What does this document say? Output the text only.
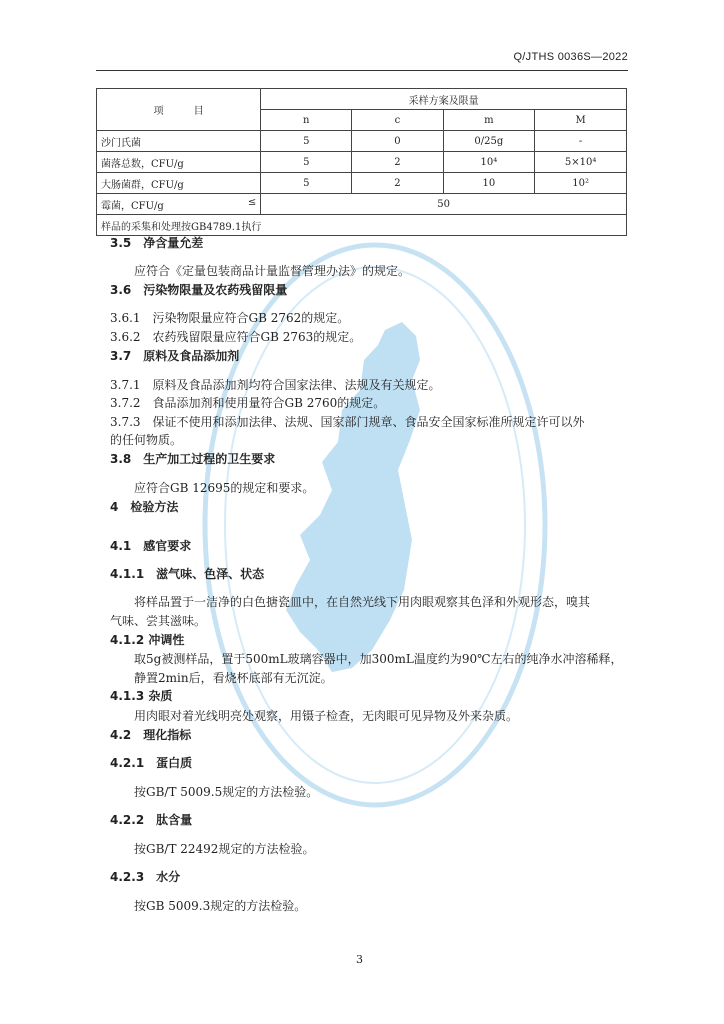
Q/JTHS 0036S—2022
项　　　目	采样方案及限量			
	n	c	m	M
沙门氏菌	5	0	0/25g	-
菌落总数，CFU/g	5	2	10⁴	5×10⁴
大肠菌群，CFU/g	5	2	10	10²
霉菌，CFU/g ≤	50			
样品的采集和处理按GB4789.1执行				
3.5　净含量允差
应符合《定量包装商品计量监督管理办法》的规定。
3.6　污染物限量及农药残留限量
3.6.1　污染物限量应符合GB 2762的规定。
3.6.2　农药残留限量应符合GB 2763的规定。
3.7　原料及食品添加剂
3.7.1　原料及食品添加剂均符合国家法律、法规及有关规定。
3.7.2　食品添加剂和使用量符合GB 2760的规定。
3.7.3　保证不使用和添加法律、法规、国家部门规章、食品安全国家标准所规定许可以外
的任何物质。
3.8　生产加工过程的卫生要求
应符合GB 12695的规定和要求。
4　检验方法
4.1　感官要求
4.1.1　滋气味、色泽、状态
将样品置于一洁净的白色搪瓷皿中，在自然光线下用肉眼观察其色泽和外观形态，嗅其
气味、尝其滋味。
4.1.2 冲调性
取5g被测样品，置于500mL玻璃容器中，加300mL温度约为90℃左右的纯净水冲溶稀释，
静置2min后，看烧杯底部有无沉淀。
4.1.3 杂质
用肉眼对着光线明亮处观察，用镊子检查，无肉眼可见异物及外来杂质。
4.2　理化指标
4.2.1　蛋白质
按GB/T 5009.5规定的方法检验。
4.2.2　肽含量
按GB/T 22492规定的方法检验。
4.2.3　水分
按GB 5009.3规定的方法检验。
3
